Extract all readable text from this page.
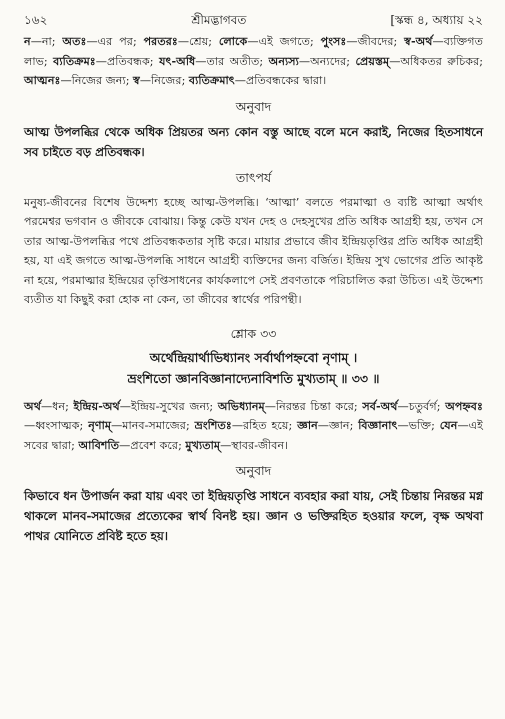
১৬২	শ্রীমদ্ভাগবত	[স্কন্ধ ৪, অধ্যায় ২২

ন—না; অতঃ—এর পর; পরতরঃ—শ্রেয়; লোকে—এই জগতে; পুংসঃ—জীবদের; স্ব-অর্থ—ব্যক্তিগত লাভ; ব্যতিক্রমঃ—প্রতিবন্ধক; যৎ-অধি—তার অতীত; অন্যস্য—অন্যদের; প্রেয়স্তম্—অধিকতর রুচিকর; আত্মনঃ—নিজের জন্য; স্ব—নিজের; ব্যতিক্রমাৎ—প্রতিবন্ধকের দ্বারা।

অনুবাদ

আত্ম উপলব্ধির থেকে অধিক প্রিয়তর অন্য কোন বস্তু আছে বলে মনে করাই, নিজের হিতসাধনে সব চাইতে বড় প্রতিবন্ধক।

তাৎপর্য

মনুষ্য-জীবনের বিশেষ উদ্দেশ্য হচ্ছে আত্ম-উপলব্ধি। ‘আত্মা’ বলতে পরমাত্মা ও ব্যষ্টি আত্মা অর্থাৎ পরমেশ্বর ভগবান ও জীবকে বোঝায়। কিন্তু কেউ যখন দেহ ও দেহসুখের প্রতি অধিক আগ্রহী হয়, তখন সে তার আত্ম-উপলব্ধির পথে প্রতিবন্ধকতার সৃষ্টি করে। মায়ার প্রভাবে জীব ইন্দ্রিয়তৃপ্তির প্রতি অধিক আগ্রহী হয়, যা এই জগতে আত্ম-উপলব্ধি সাধনে আগ্রহী ব্যক্তিদের জন্য বর্জিত। ইন্দ্রিয় সুখ ভোগের প্রতি আকৃষ্ট না হয়ে, পরমাত্মার ইন্দ্রিয়ের তৃপ্তিসাধনের কার্যকলাপে সেই প্রবণতাকে পরিচালিত করা উচিত। এই উদ্দেশ্য ব্যতীত যা কিছুই করা হোক না কেন, তা জীবের স্বার্থের পরিপন্থী।

শ্লোক ৩৩

অর্থেন্দ্রিয়ার্থাভিধ্যানং সর্বার্থাপহ্নবো নৃণাম্ ।

ভ্রংশিতো জ্ঞানবিজ্ঞানাদ্যেনাবিশতি মুখ্যতাম্ ॥ ৩৩ ॥

অর্থ—ধন; ইন্দ্রিয়-অর্থ—ইন্দ্রিয়-সুখের জন্য; অভিধ্যানম্—নিরন্তর চিন্তা করে; সর্ব-অর্থ—চতুর্বর্গ; অপহ্নবঃ—ধ্বংসাত্মক; নৃণাম্—মানব-সমাজের; ভ্রংশিতঃ—রহিত হয়ে; জ্ঞান—জ্ঞান; বিজ্ঞানাৎ—ভক্তি; যেন—এই সবের দ্বারা; আবিশতি—প্রবেশ করে; মুখ্যতাম্—স্থাবর-জীবন।

অনুবাদ

কিভাবে ধন উপার্জন করা যায় এবং তা ইন্দ্রিয়তৃপ্তি সাধনে ব্যবহার করা যায়, সেই চিন্তায় নিরন্তর মগ্ন থাকলে মানব-সমাজের প্রত্যেকের স্বার্থ বিনষ্ট হয়। জ্ঞান ও ভক্তিরহিত হওয়ার ফলে, বৃক্ষ অথবা পাথর যোনিতে প্রবিষ্ট হতে হয়।
